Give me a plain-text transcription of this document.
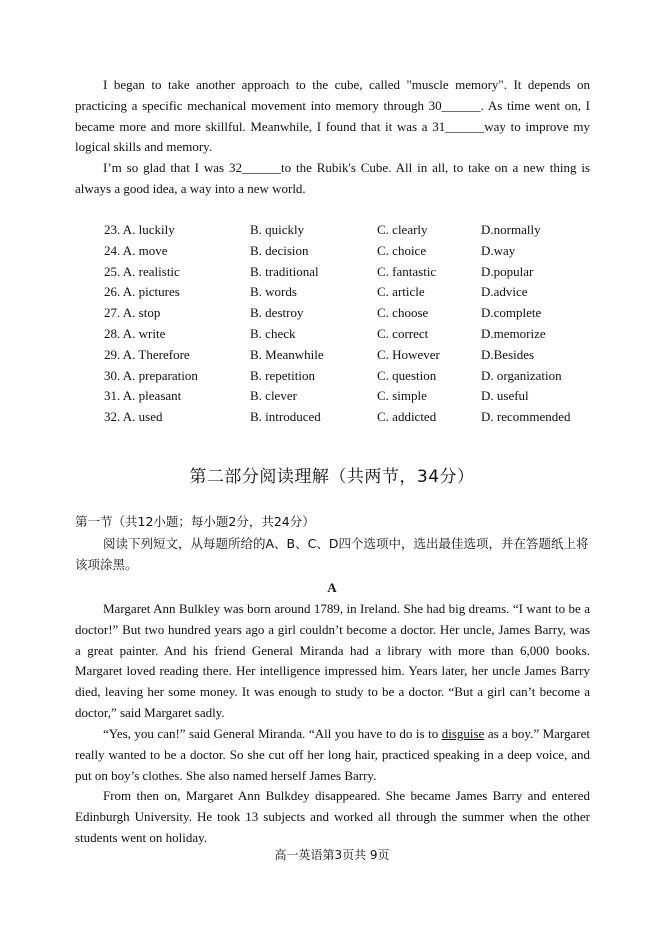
I began to take another approach to the cube, called "muscle memory". It depends on practicing a specific mechanical movement into memory through 30______. As time went on, I became more and more skillful. Meanwhile, I found that it was a 31______way to improve my logical skills and memory.

I’m so glad that I was 32______to the Rubik's Cube. All in all, to take on a new thing is always a good idea, a way into a new world.

23. A. luckily	B. quickly	C. clearly	D.normally
24. A. move	B. decision	C. choice	D.way
25. A. realistic	B. traditional	C. fantastic	D.popular
26. A. pictures	B. words	C. article	D.advice
27. A. stop	B. destroy	C. choose	D.complete
28. A. write	B. check	C. correct	D.memorize
29. A. Therefore	B. Meanwhile	C. However	D.Besides
30. A. preparation	B. repetition	C. question	D. organization
31. A. pleasant	B. clever	C. simple	D. useful
32. A. used	B. introduced	C. addicted	D. recommended
第二部分阅读理解（共两节，34分）
第一节（共12小题；每小题2分，共24分）

阅读下列短文，从每题所给的A、B、C、D四个选项中，选出最佳选项，并在答题纸上将该项涂黑。

A

Margaret Ann Bulkley was born around 1789, in Ireland. She had big dreams. “I want to be a doctor!” But two hundred years ago a girl couldn’t become a doctor. Her uncle, James Barry, was a great painter. And his friend General Miranda had a library with more than 6,000 books. Margaret loved reading there. Her intelligence impressed him. Years later, her uncle James Barry died, leaving her some money. It was enough to study to be a doctor. “But a girl can’t become a doctor,” said Margaret sadly.

“Yes, you can!” said General Miranda. “All you have to do is to disguise as a boy.” Margaret really wanted to be a doctor. So she cut off her long hair, practiced speaking in a deep voice, and put on boy’s clothes. She also named herself James Barry.

From then on, Margaret Ann Bulkdey disappeared. She became James Barry and entered Edinburgh University. He took 13 subjects and worked all through the summer when the other students went on holiday.

高一英语第3页共 9页
